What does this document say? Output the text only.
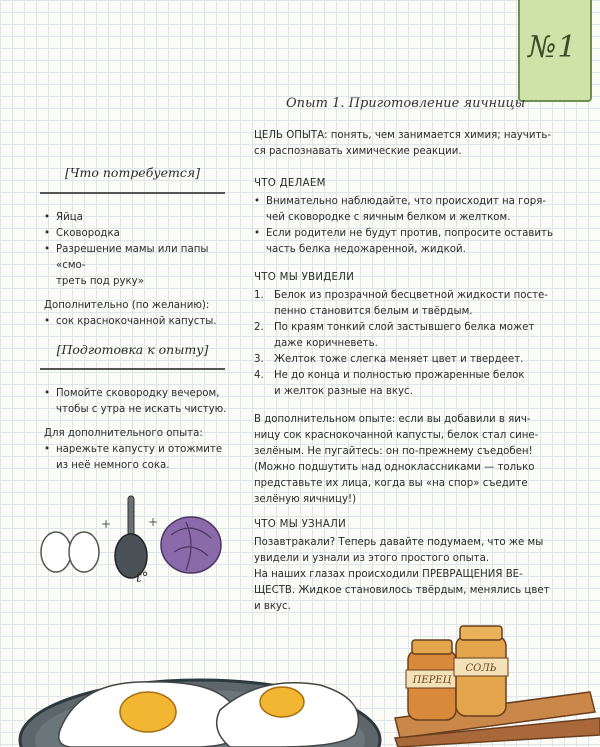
№1
Опыт 1. Приготовление яичницы
[Что потребуется]
• Яйца
• Сковородка
• Разрешение мамы или папы «смо-
треть под руку»
Дополнительно (по желанию):
• сок краснокочанной капусты.
[Подготовка к опыту]
• Помойте сковородку вечером,
чтобы с утра не искать чистую.
Для дополнительного опыта:
• нарежьте капусту и отожмите
из неё немного сока.
+	+
t°
ЦЕЛЬ ОПЫТА: понять, чем занимается химия; научить-
ся распознавать химические реакции.
ЧТО ДЕЛАЕМ
• Внимательно наблюдайте, что происходит на горя-
чей сковородке с яичным белком и желтком.
• Если родители не будут против, попросите оставить
часть белка недожаренной, жидкой.
ЧТО МЫ УВИДЕЛИ
1. Белок из прозрачной бесцветной жидкости посте-
пенно становится белым и твёрдым.
2. По краям тонкий слой застывшего белка может
даже коричневеть.
3. Желток тоже слегка меняет цвет и твердеет.
4. Не до конца и полностью прожаренные белок
и желток разные на вкус.
В дополнительном опыте: если вы добавили в яич-
ницу сок краснокочанной капусты, белок стал сине-
зелёным. Не пугайтесь: он по-прежнему съедобен!
(Можно подшутить над одноклассниками — только
представьте их лица, когда вы «на спор» съедите
зелёную яичницу!)
ЧТО МЫ УЗНАЛИ
Позавтракали? Теперь давайте подумаем, что же мы
увидели и узнали из этого простого опыта.
На наших глазах происходили ПРЕВРАЩЕНИЯ ВЕ-
ЩЕСТВ. Жидкое становилось твёрдым, менялись цвет
и вкус.
ПЕРЕЦ
СОЛЬ
